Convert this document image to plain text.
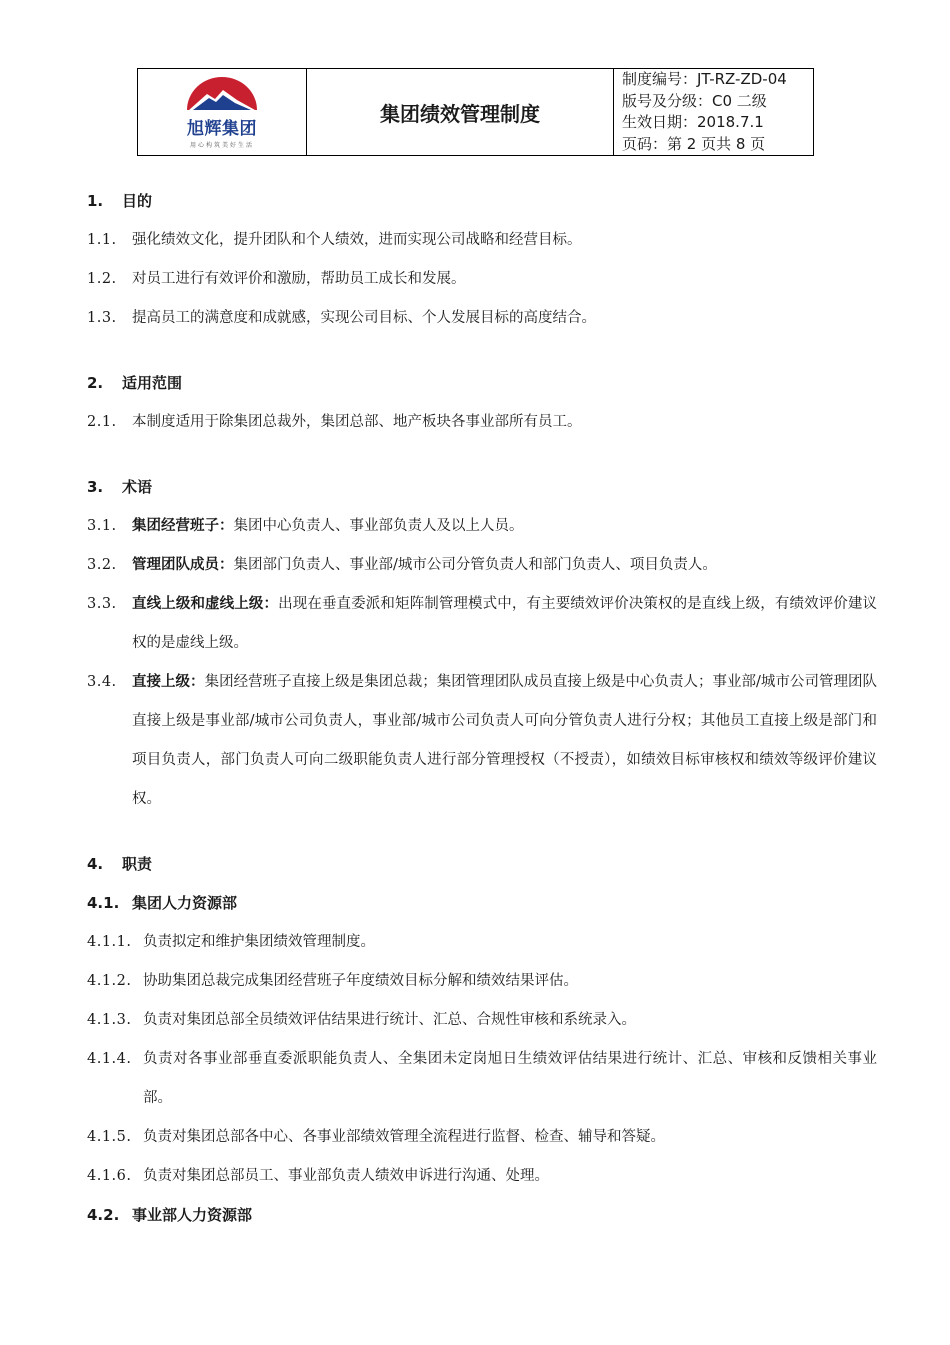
旭辉集团
用心构筑美好生活
集团绩效管理制度
制度编号：JT-RZ-ZD-04
版号及分级：C0 二级
生效日期：2018.7.1
页码：第 2 页共 8 页
1.	目的
1.1.	强化绩效文化，提升团队和个人绩效，进而实现公司战略和经营目标。
1.2.	对员工进行有效评价和激励，帮助员工成长和发展。
1.3.	提高员工的满意度和成就感，实现公司目标、个人发展目标的高度结合。
2.	适用范围
2.1.	本制度适用于除集团总裁外，集团总部、地产板块各事业部所有员工。
3.	术语
3.1.	集团经营班子：集团中心负责人、事业部负责人及以上人员。
3.2.	管理团队成员：集团部门负责人、事业部/城市公司分管负责人和部门负责人、项目负责人。
3.3.	直线上级和虚线上级：出现在垂直委派和矩阵制管理模式中，有主要绩效评价决策权的是直线上级，有绩效评价建议权的是虚线上级。
3.4.	直接上级：集团经营班子直接上级是集团总裁；集团管理团队成员直接上级是中心负责人；事业部/城市公司管理团队直接上级是事业部/城市公司负责人，事业部/城市公司负责人可向分管负责人进行分权；其他员工直接上级是部门和项目负责人，部门负责人可向二级职能负责人进行部分管理授权（不授责），如绩效目标审核权和绩效等级评价建议权。
4.	职责
4.1. 集团人力资源部
4.1.1. 负责拟定和维护集团绩效管理制度。
4.1.2. 协助集团总裁完成集团经营班子年度绩效目标分解和绩效结果评估。
4.1.3. 负责对集团总部全员绩效评估结果进行统计、汇总、合规性审核和系统录入。
4.1.4. 负责对各事业部垂直委派职能负责人、全集团未定岗旭日生绩效评估结果进行统计、汇总、审核和反馈相关事业部。
4.1.5. 负责对集团总部各中心、各事业部绩效管理全流程进行监督、检查、辅导和答疑。
4.1.6. 负责对集团总部员工、事业部负责人绩效申诉进行沟通、处理。
4.2. 事业部人力资源部
